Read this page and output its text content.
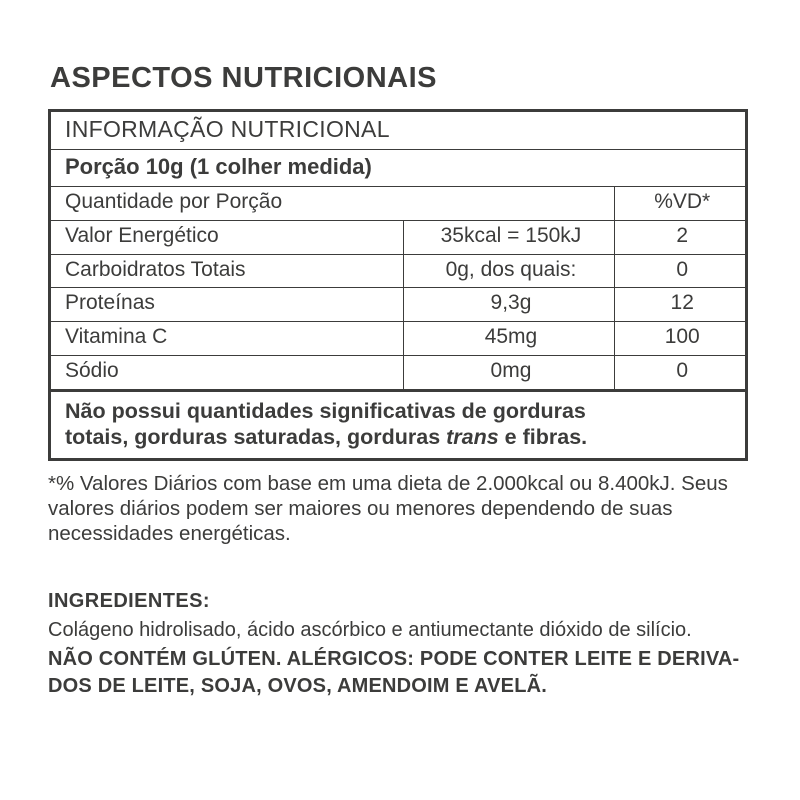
ASPECTOS NUTRICIONAIS
INFORMAÇÃO NUTRICIONAL		
Porção 10g (1 colher medida)		
Quantidade por Porção		%VD*
Valor Energético	35kcal = 150kJ	2
Carboidratos Totais	0g, dos quais:	0
Proteínas	9,3g	12
Vitamina C	45mg	100
Sódio	0mg	0
Não possui quantidades significativas de gorduras
totais, gorduras saturadas, gorduras trans e fibras.		

*% Valores Diários com base em uma dieta de 2.000kcal ou 8.400kJ. Seus valores diários podem ser maiores ou menores dependendo de suas necessidades energéticas.

INGREDIENTES:
Colágeno hidrolisado, ácido ascórbico e antiumectante dióxido de silício.
NÃO CONTÉM GLÚTEN. ALÉRGICOS: PODE CONTER LEITE E DERIVA-
DOS DE LEITE, SOJA, OVOS, AMENDOIM E AVELÃ.
